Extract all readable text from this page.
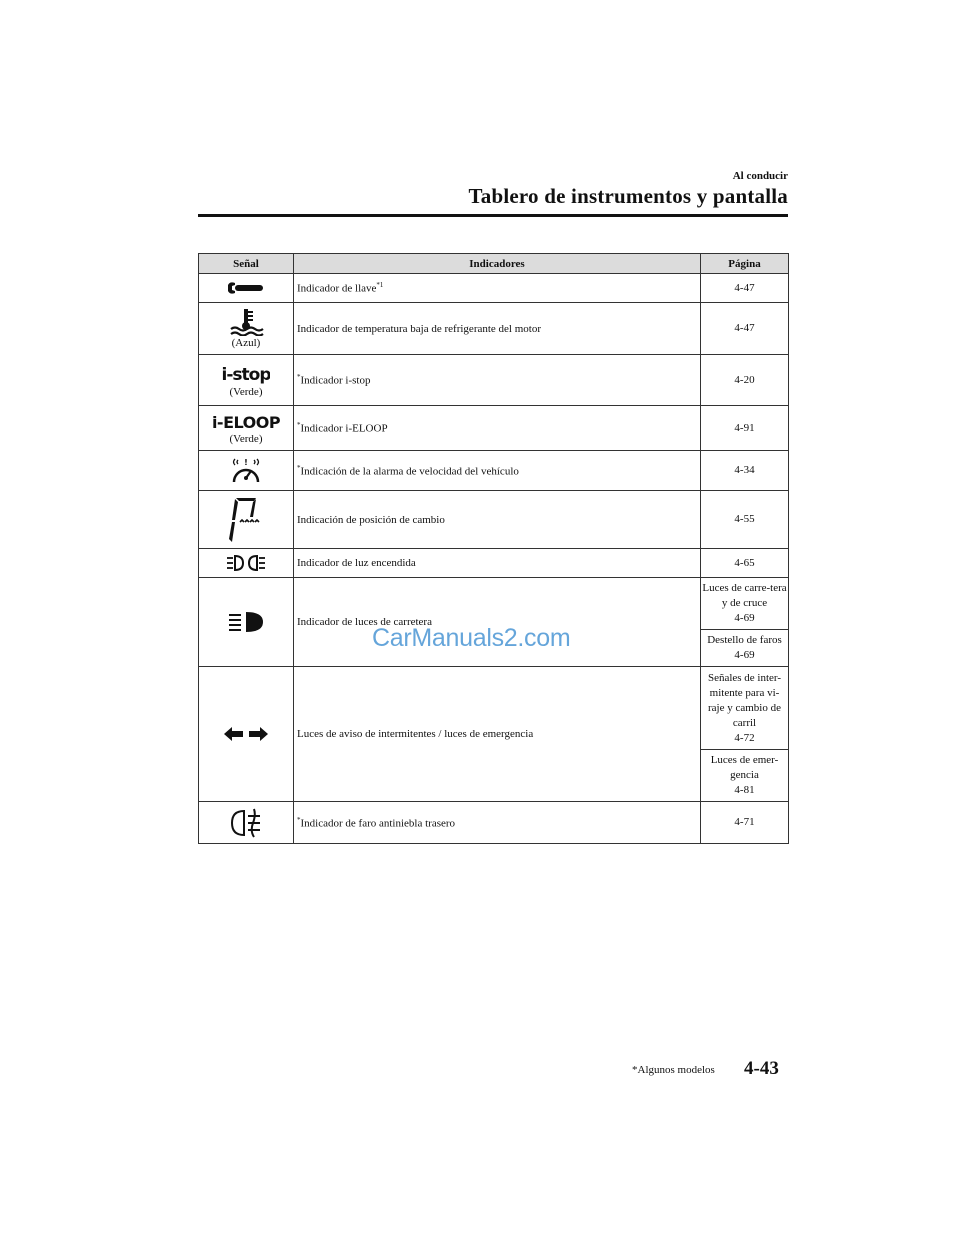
Al conducir
Tablero de instrumentos y pantalla
Señal	Indicadores	Página
	Indicador de llave$^{*1}$	4-47

(Azul)	Indicador de temperatura baja de refrigerante del motor	4-47

i-stop
(Verde)	*Indicador i-stop	4-20

i-ELOOP
(Verde)	*Indicador i-ELOOP	4-91

!	*Indicación de la alarma de velocidad del vehículo	4-34
	Indicación de posición de cambio	4-55
	Indicador de luz encendida	4-65
	Indicador de luces de carretera	Luces de carre-tera y de cruce
4-69

		Destello de faros
4-69

	Luces de aviso de intermitentes / luces de emergencia	Señales de inter-mitente para vi-raje y cambio de carril
4-72

		Luces de emer-gencia
4-81

	*Indicador de faro antiniebla trasero	4-71
CarManuals2.com
*Algunos modelos 4-43
